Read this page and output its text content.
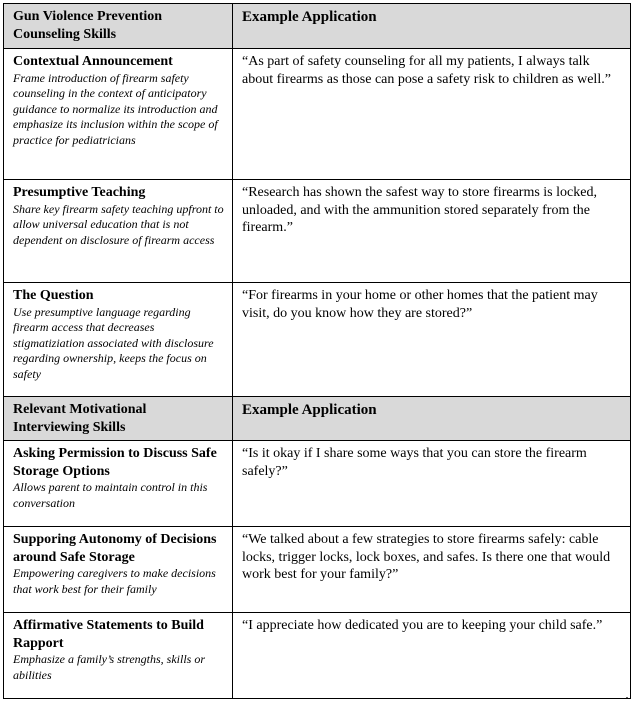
Gun Violence Prevention Counseling Skills	Example Application

Contextual Announcement
Frame introduction of firearm safety counseling in the context of anticipatory guidance to normalize its introduction and emphasize its inclusion within the scope of practice for pediatricians	“As part of safety counseling for all my patients, I always talk about firearms as those can pose a safety risk to children as well.”

Presumptive Teaching
Share key firearm safety teaching upfront to allow universal education that is not dependent on disclosure of firearm access	“Research has shown the safest way to store firearms is locked, unloaded, and with the ammunition stored separately from the firearm.”

The Question
Use presumptive language regarding firearm access that decreases stigmatiziation associated with disclosure regarding ownership, keeps the focus on safety	“For firearms in your home or other homes that the patient may visit, do you know how they are stored?”
Relevant Motivational Interviewing Skills	Example Application

Asking Permission to Discuss Safe Storage Options
Allows parent to maintain control in this conversation	“Is it okay if I share some ways that you can store the firearm safely?”

Supporing Autonomy of Decisions around Safe Storage
Empowering caregivers to make decisions that work best for their family	“We talked about a few strategies to store firearms safely: cable locks, trigger locks, lock boxes, and safes. Is there one that would work best for your family?”

Affirmative Statements to Build Rapport
Emphasize a family’s strengths, skills or abilities	“I appreciate how dedicated you are to keeping your child safe.”
